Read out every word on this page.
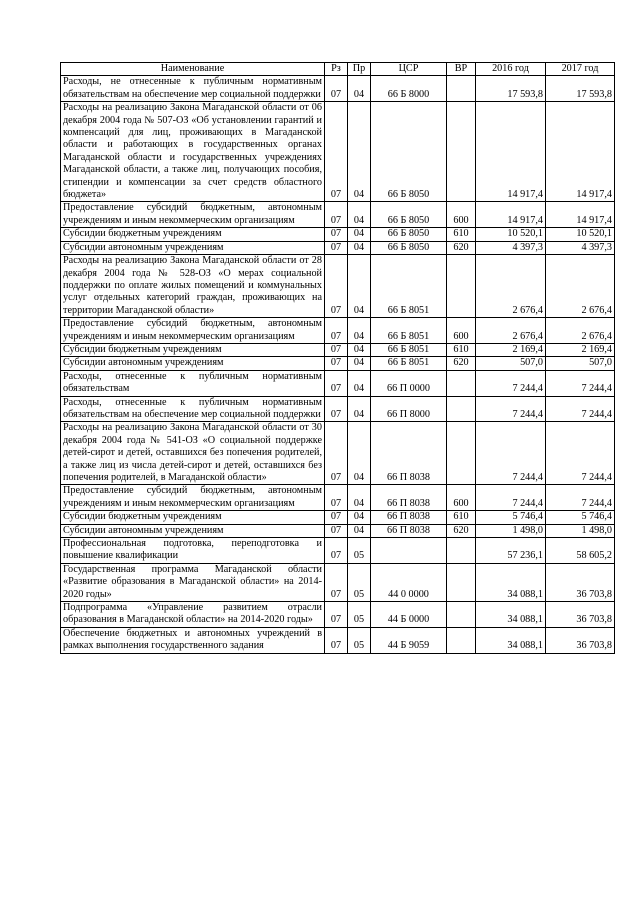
Наименование	Рз	Пр	ЦСР	ВР	2016 год	2017 год
Расходы, не отнесенные к публичным нормативным обязательствам на обеспечение мер социальной поддержки	07	04	66 Б 8000		17 593,8	17 593,8
Расходы на реализацию Закона Магаданской области от 06 декабря 2004 года № 507-ОЗ «Об установлении гарантий и компенсаций для лиц, проживающих в Магаданской области и работающих в государственных органах Магаданской области и государственных учреждениях Магаданской области, а также лиц, получающих пособия, стипендии и компенсации за счет средств областного бюджета»	07	04	66 Б 8050		14 917,4	14 917,4
Предоставление субсидий бюджетным, автономным учреждениям и иным некоммерческим организациям	07	04	66 Б 8050	600	14 917,4	14 917,4
Субсидии бюджетным учреждениям	07	04	66 Б 8050	610	10 520,1	10 520,1
Субсидии автономным учреждениям	07	04	66 Б 8050	620	4 397,3	4 397,3
Расходы на реализацию Закона Магаданской области от 28 декабря 2004 года № 528-ОЗ «О мерах социальной поддержки по оплате жилых помещений и коммунальных услуг отдельных категорий граждан, проживающих на территории Магаданской области»	07	04	66 Б 8051		2 676,4	2 676,4
Предоставление субсидий бюджетным, автономным учреждениям и иным некоммерческим организациям	07	04	66 Б 8051	600	2 676,4	2 676,4
Субсидии бюджетным учреждениям	07	04	66 Б 8051	610	2 169,4	2 169,4
Субсидии автономным учреждениям	07	04	66 Б 8051	620	507,0	507,0
Расходы, отнесенные к публичным нормативным обязательствам	07	04	66 П 0000		7 244,4	7 244,4
Расходы, отнесенные к публичным нормативным обязательствам на обеспечение мер социальной поддержки	07	04	66 П 8000		7 244,4	7 244,4
Расходы на реализацию Закона Магаданской области от 30 декабря 2004 года № 541-ОЗ «О социальной поддержке детей-сирот и детей, оставшихся без попечения родителей, а также лиц из числа детей-сирот и детей, оставшихся без попечения родителей, в Магаданской области»	07	04	66 П 8038		7 244,4	7 244,4
Предоставление субсидий бюджетным, автономным учреждениям и иным некоммерческим организациям	07	04	66 П 8038	600	7 244,4	7 244,4
Субсидии бюджетным учреждениям	07	04	66 П 8038	610	5 746,4	5 746,4
Субсидии автономным учреждениям	07	04	66 П 8038	620	1 498,0	1 498,0
Профессиональная подготовка, переподготовка и повышение квалификации	07	05			57 236,1	58 605,2
Государственная программа Магаданской области «Развитие образования в Магаданской области» на 2014-2020 годы»	07	05	44 0 0000		34 088,1	36 703,8
Подпрограмма «Управление развитием отрасли образования в Магаданской области» на 2014-2020 годы»	07	05	44 Б 0000		34 088,1	36 703,8
Обеспечение бюджетных и автономных учреждений в рамках выполнения государственного задания	07	05	44 Б 9059		34 088,1	36 703,8
